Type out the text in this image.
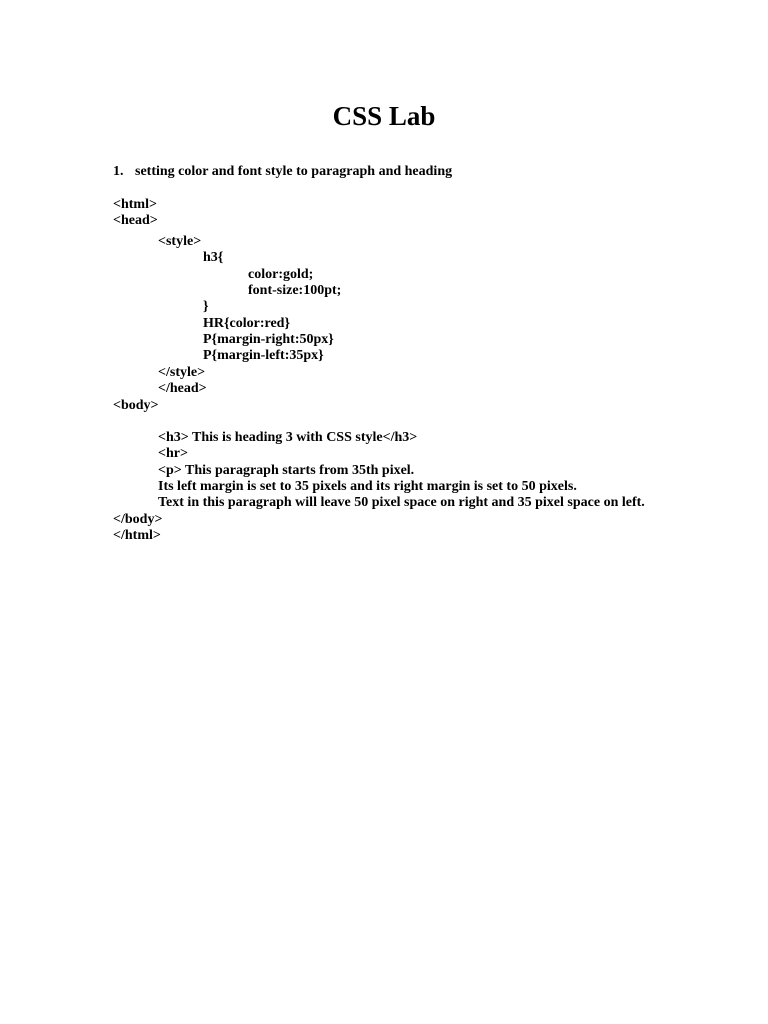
CSS Lab
1. setting color and font style to paragraph and heading
<html>
<head>
<style>
h3{
color:gold;
font-size:100pt;
}
HR{color:red}
P{margin-right:50px}
P{margin-left:35px}
</style>
</head>
<body>
<h3> This is heading 3 with CSS style</h3>
<hr>
<p> This paragraph starts from 35th pixel.
Its left margin is set to 35 pixels and its right margin is set to 50 pixels.
Text in this paragraph will leave 50 pixel space on right and 35 pixel space on left.
</body>
</html>
